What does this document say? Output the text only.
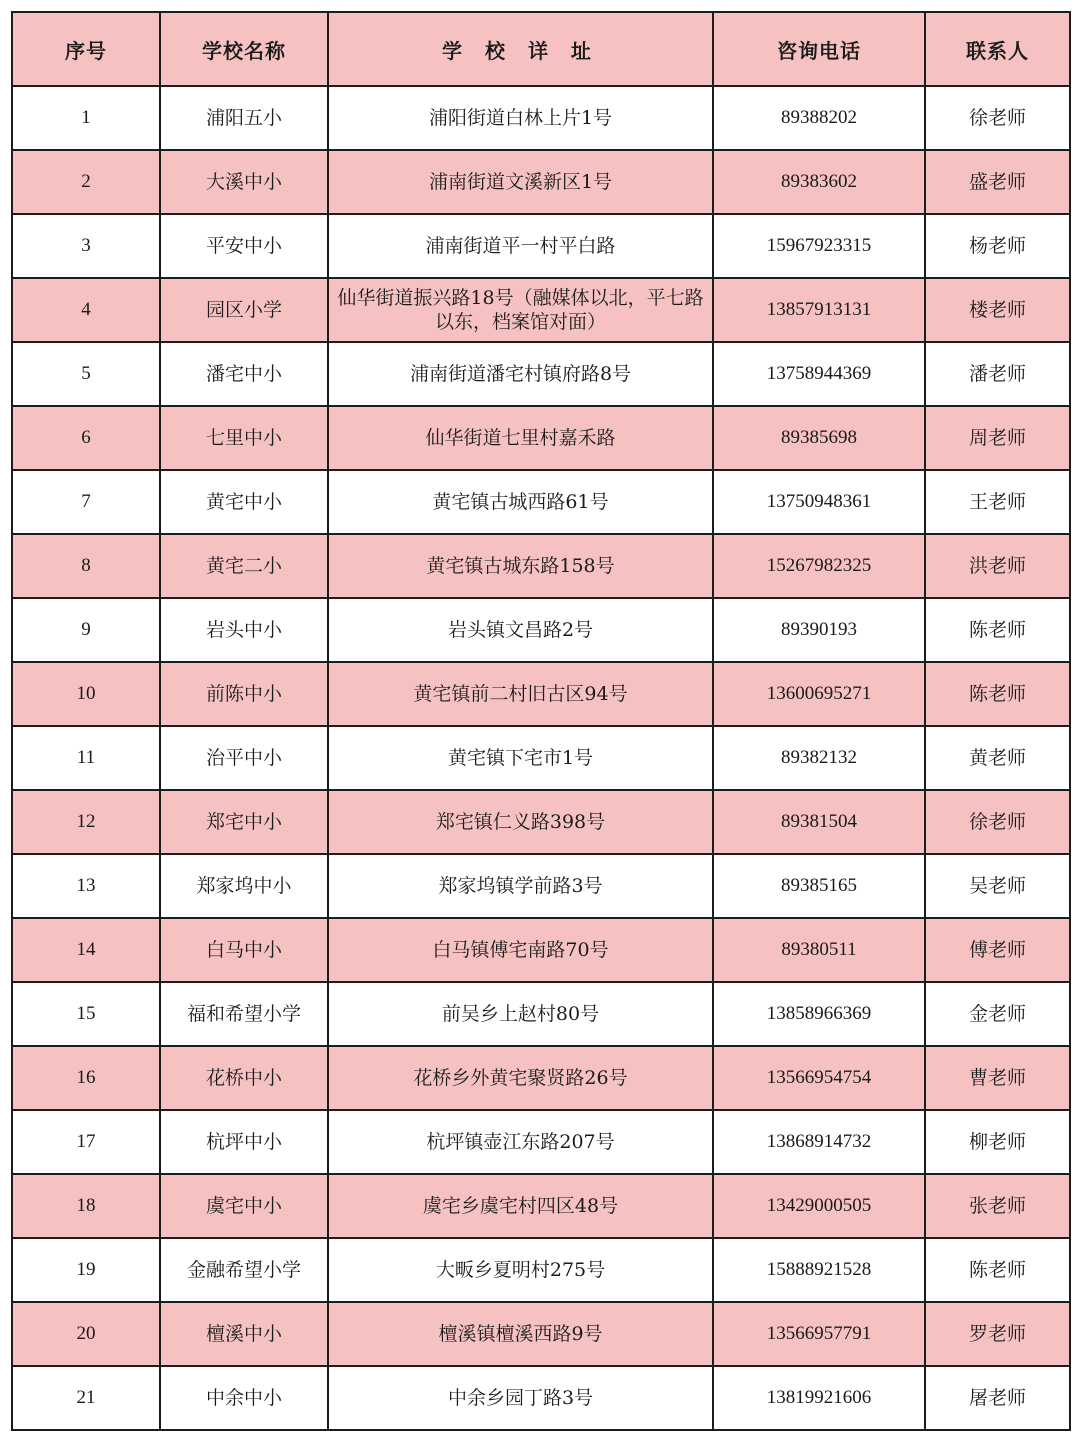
序号	学校名称	学 校 详 址	咨询电话	联系人
1	浦阳五小	浦阳街道白林上片1号	89388202	徐老师
2	大溪中小	浦南街道文溪新区1号	89383602	盛老师
3	平安中小	浦南街道平一村平白路	15967923315	杨老师
4	园区小学	仙华街道振兴路18号（融媒体以北，平七路以东，档案馆对面）	13857913131	楼老师
5	潘宅中小	浦南街道潘宅村镇府路8号	13758944369	潘老师
6	七里中小	仙华街道七里村嘉禾路	89385698	周老师
7	黄宅中小	黄宅镇古城西路61号	13750948361	王老师
8	黄宅二小	黄宅镇古城东路158号	15267982325	洪老师
9	岩头中小	岩头镇文昌路2号	89390193	陈老师
10	前陈中小	黄宅镇前二村旧古区94号	13600695271	陈老师
11	治平中小	黄宅镇下宅市1号	89382132	黄老师
12	郑宅中小	郑宅镇仁义路398号	89381504	徐老师
13	郑家坞中小	郑家坞镇学前路3号	89385165	吴老师
14	白马中小	白马镇傅宅南路70号	89380511	傅老师
15	福和希望小学	前吴乡上赵村80号	13858966369	金老师
16	花桥中小	花桥乡外黄宅聚贤路26号	13566954754	曹老师
17	杭坪中小	杭坪镇壶江东路207号	13868914732	柳老师
18	虞宅中小	虞宅乡虞宅村四区48号	13429000505	张老师
19	金融希望小学	大畈乡夏明村275号	15888921528	陈老师
20	檀溪中小	檀溪镇檀溪西路9号	13566957791	罗老师
21	中余中小	中余乡园丁路3号	13819921606	屠老师
